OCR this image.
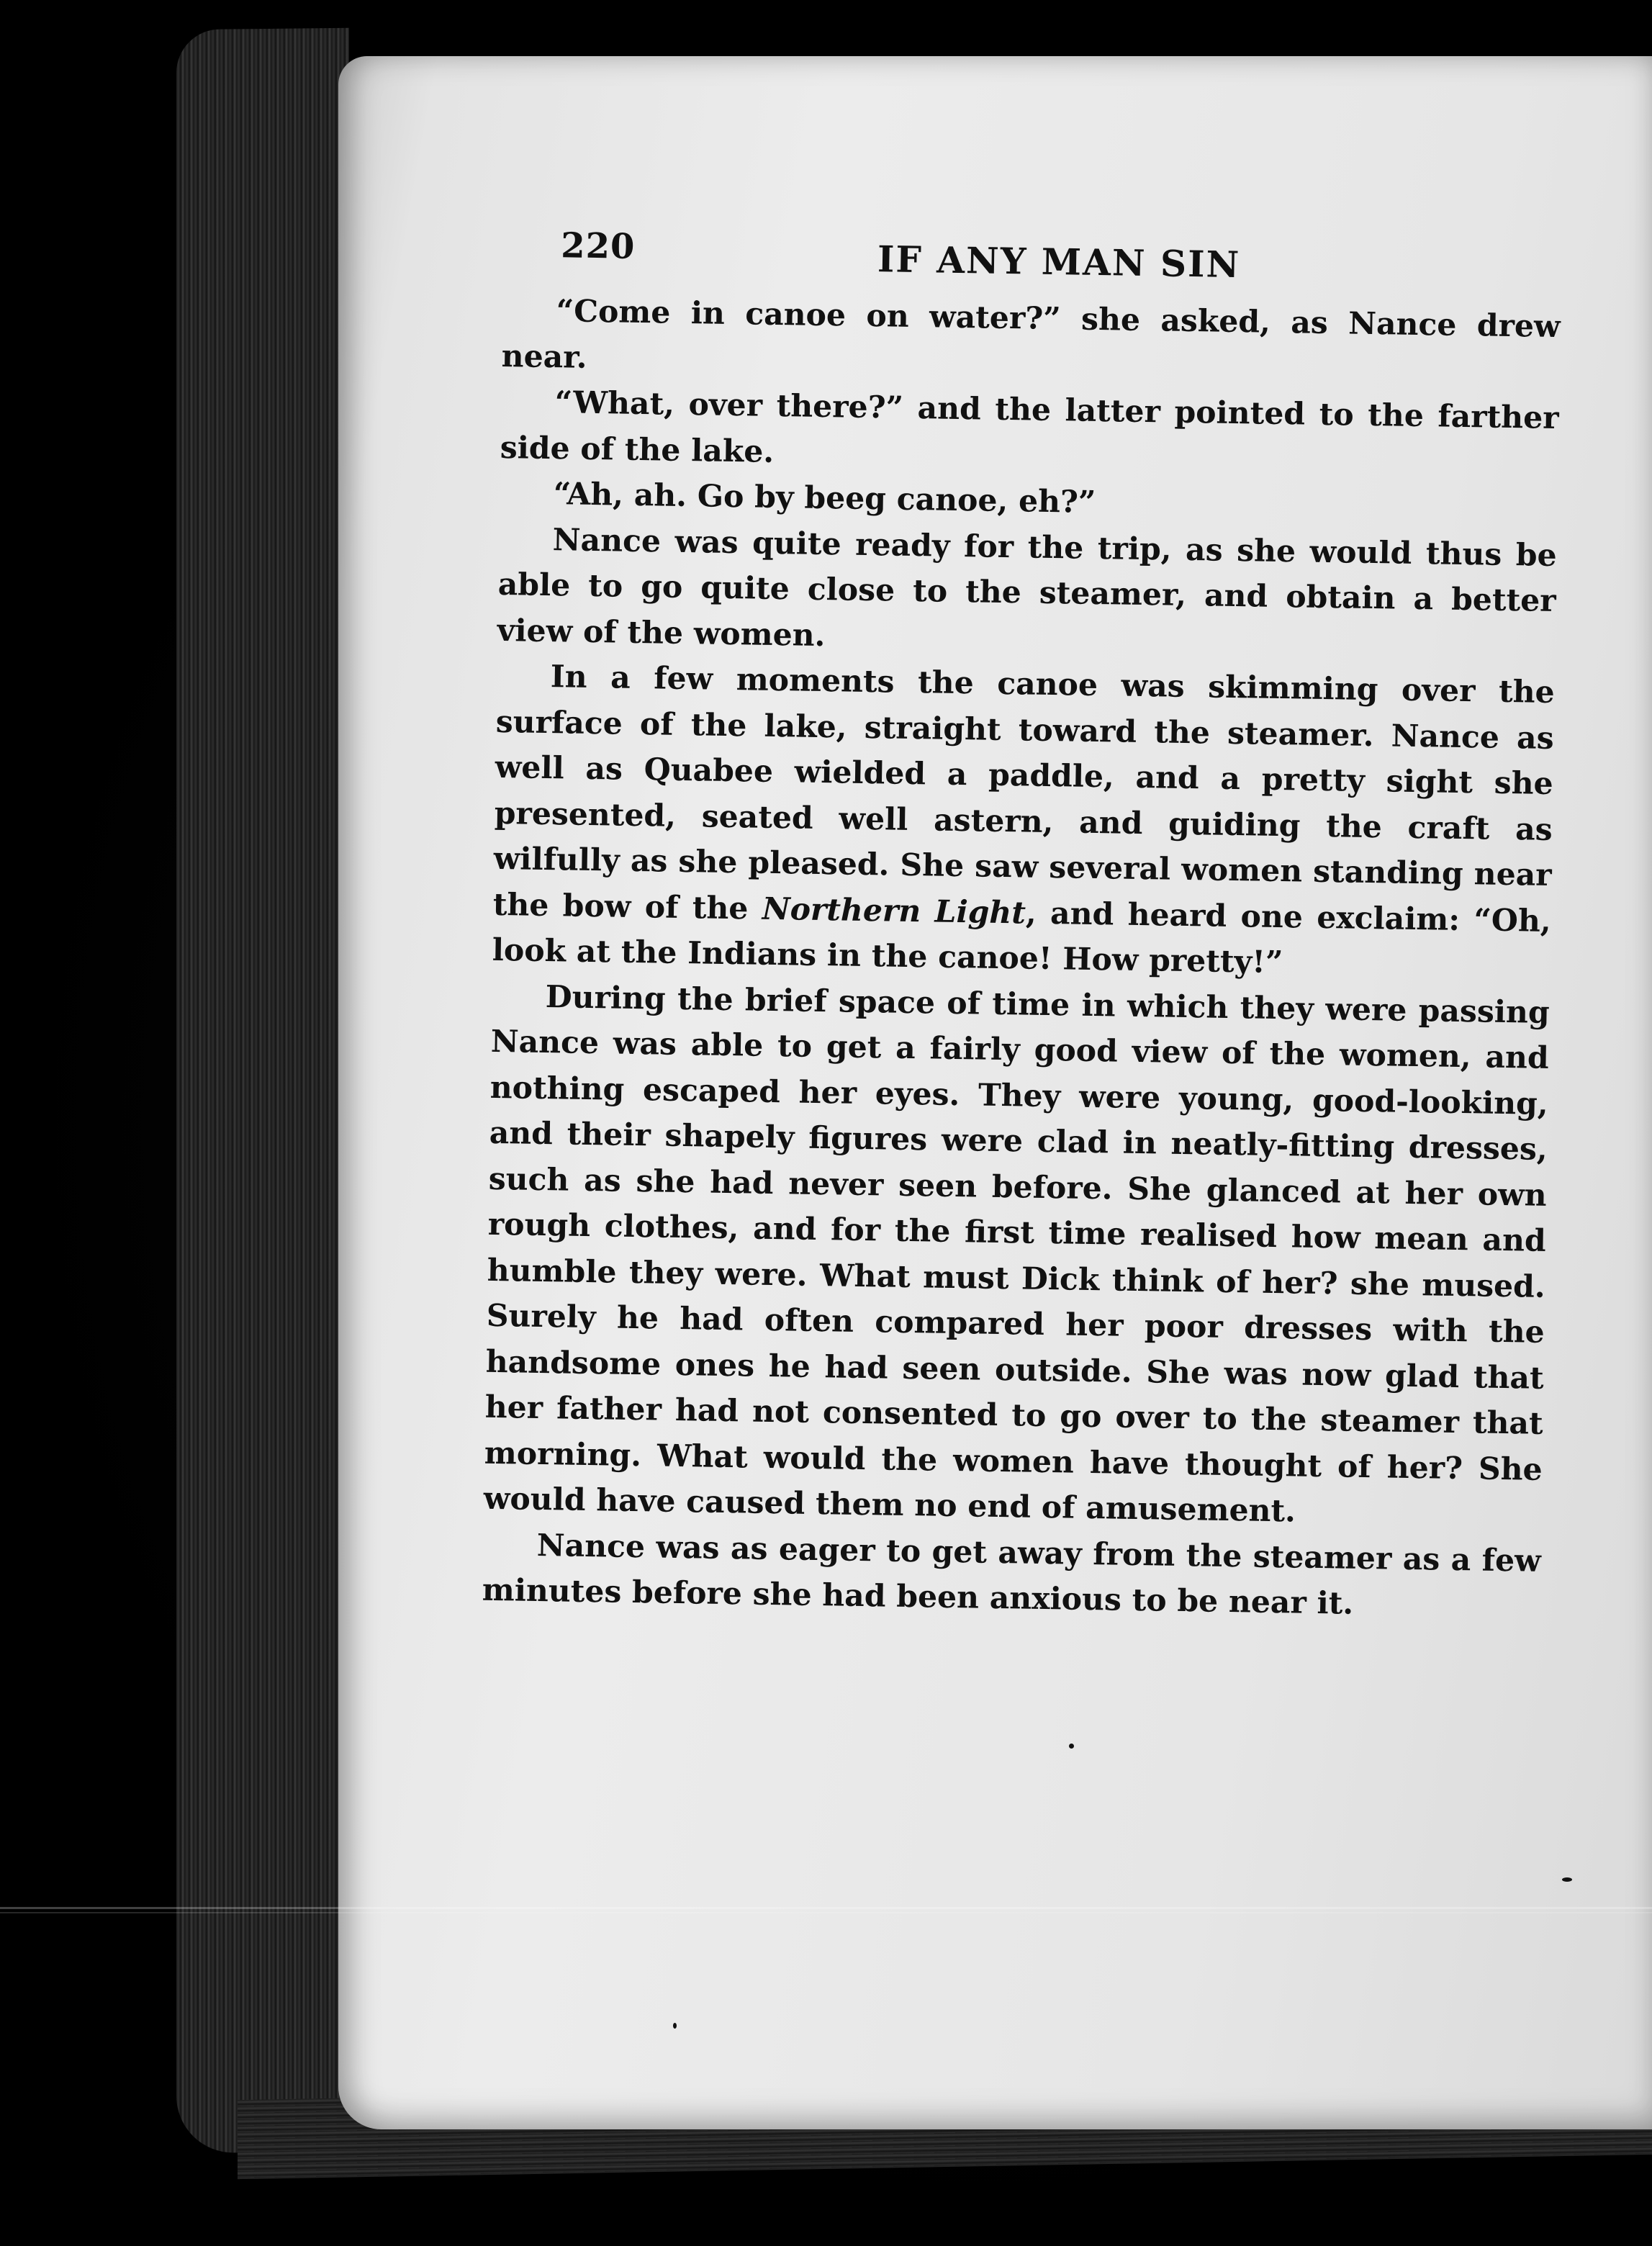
220	IF ANY MAN SIN

“Come in canoe on water?” she asked, as Nance drew near.

“What, over there?” and the latter pointed to the farther side of the lake.

“Ah, ah. Go by beeg canoe, eh?”

Nance was quite ready for the trip, as she would thus be able to go quite close to the steamer, and obtain a better view of the women.

In a few moments the canoe was skimming over the surface of the lake, straight toward the steamer. Nance as well as Quabee wielded a paddle, and a pretty sight she presented, seated well astern, and guiding the craft as wilfully as she pleased. She saw several women standing near the bow of the Northern Light, and heard one exclaim: “Oh, look at the Indians in the canoe! How pretty!”

During the brief space of time in which they were passing Nance was able to get a fairly good view of the women, and nothing escaped her eyes. They were young, good-looking, and their shapely figures were clad in neatly-fitting dresses, such as she had never seen before. She glanced at her own rough clothes, and for the first time realised how mean and humble they were. What must Dick think of her? she mused. Surely he had often compared her poor dresses with the handsome ones he had seen outside. She was now glad that her father had not consented to go over to the steamer that morning. What would the women have thought of her? She would have caused them no end of amusement.

Nance was as eager to get away from the steamer as a few minutes before she had been anxious to be near it.
